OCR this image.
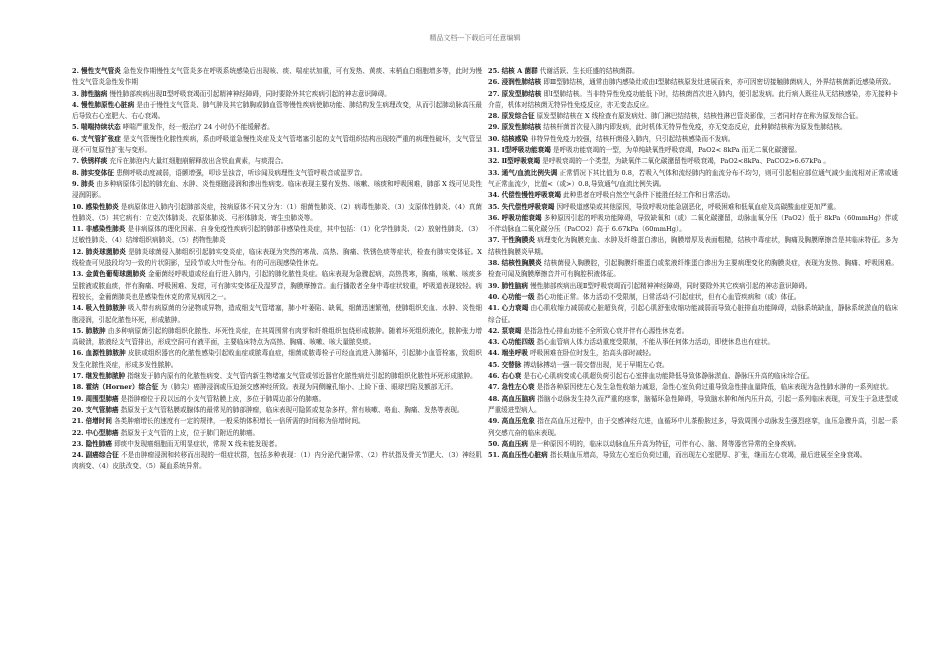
精品文档---下载后可任意编辑

2. 慢性支气管炎 急性发作期慢性支气管炎多在呼吸系统感染后出现咳、痰、喘症状加重，可有发热、黄痰、末梢血白细胞增多等，此时为慢性支气管炎急性发作期

3. 肺性脑病 慢性肺部疾病出现Ⅱ型呼吸衰竭而引起精神神经障碍，同时要除外其它疾病引起的神志意识障碍。

4. 慢性肺原性心脏病 是由于慢性支气管炎、肺气肿及其它肺胸或肺血管等慢性疾病使肺功能、肺结构发生病理改变，从而引起肺动脉高压最后导致右心室肥大、右心衰竭。

5. 喘喘持续状态 哮喘严重发作，经一般治疗 24 小时仍不能缓解者。

6. 支气管扩张症 是支气管慢性化脓性疾病，系由呼吸道急慢性炎症及支气管堵塞引起的支气管组织结构出现较严重的病理性破坏，支气管呈现不可复原性扩张与变形。

7. 铁锈样痰 充斥在肺泡内大量红细胞崩解释放出含铁血黄素，与痰混合。

8. 肺实变体征 患侧呼吸动度减弱，语颤增强，叩诊呈浊音，听诊闻及病理性支气管呼吸音或湿罗音。

9. 肺炎 由多种病原体引起的肺充血、水肿、炎性细胞浸润和渗出性病变。临床表现主要有发热、咳嗽、咳痰和呼吸困难，肺部 X 线可见炎性浸润阴影。

10. 感染性肺炎 是病原体进入肺内引起肺部炎症，按病原体不同又分为：（1）细菌性肺炎、（2）病毒性肺炎、（3）支原体性肺炎、（4）真菌性肺炎、（5）其它病有：立克次体肺炎、衣原体肺炎、弓形体肺炎、寄生虫肺炎等。

11. 非感染性肺炎 是非病原体的理化因素、自身免疫性疾病引起的肺部非感染性炎症，其中包括：（1）化学性肺炎、（2）放射性肺炎、（3）过敏性肺炎、（4）结缔组织病肺炎、（5）药物性肺炎

12. 肺炎球菌肺炎 是肺炎球菌侵入肺组织引起肺实变炎症，临床表现为突然的寒战、高热、胸痛、铁锈色痰等症状，检查有肺实变体征。X 线检查可见肢段均匀一致的片状阴影，呈段节或大叶性分布。有的可出现感染性休克。

13. 金黄色葡萄球菌肺炎 金葡菌经呼吸道或经血行进入肺内，引起的肺化脓性炎症。临床表现为急骤起病，高热畏寒，胸痛，咳嗽、咳痰多呈脓液或脓血痰，伴有胸痛、呼吸困难、发绀，可有肺实变体征及湿罗音，胸膜摩擦音。血行播散者全身中毒症状较重，呼吸道表现较轻。病程较长，金葡菌肺炎也是感染性休克的常见病因之一。

14. 吸入性肺脓肿 吸入带有病原菌的分泌物或异物，造成细支气管堵塞，肺小叶萎陷、缺氧，细菌迅速繁殖，使肺组织充血、水肿、炎性细胞浸润，引起化脓性坏死，形成脓肿。

15. 肺脓肿 由多种病原菌引起的肺组织化脓性、坏死性炎症，在其周围常有肉芽和纤维组织包绕形成脓肿。随着坏死组织液化，脓肿张力增高破溃，脓液经支气管排出，形成空洞可有液平面，主要临床特点为高热、胸痛、咳嗽、咳大量脓臭痰。

16. 血源性肺脓肿 皮肤或组织器官的化脓性感染引起败血症或脓毒血症，细菌或脓毒栓子可经血流进入肺循环，引起肺小血管栓塞，致组织发生化脓性炎症，形成多发性脓肿。

17. 继发性肺脓肿 指继发于肺内原有的化脓性病变、支气管内新生物堵塞支气管或邻近器官化脓性病灶引起的肺组织化脓性坏死形成脓肿。

18. 霍纳（Horner）综合征 为（肺尖）癌肿浸润或压迫颈交感神经所致。表现为同侧瞳孔缩小、上睑下垂、眼球凹陷及额部无汗。

19. 周围型肺癌 是指肿瘤位于段以远的小支气管粘膜上皮，多位于肺周边部分的肺癌。

20. 支气管肺癌 指原发于支气管粘膜或腺体的最常见的肺部肿瘤，临床表现可隐匿或复杂多样，常有咳嗽、咯血、胸痛、发热等表现。

21. 倍增时间 各类肿瘤增长的速度有一定的规律，一般采纳体积增长一倍所需的时间称为倍增时间。

22. 中心型肺癌 指原发于支气管的上皮，位于肺门附近的肺癌。

23. 隐性肺癌 即痰中发现癌细胞而无明显症状，常规 X 线未能发现者。

24. 副癌综合征 不是由肿瘤浸润和转移而出现的一组症状群，包括多种表现：（1）内分泌代谢异常、（2）杵状指及骨关节肥大、（3）神经肌肉病变、（4）皮肤改变、（5）凝血系统异常。

25. 结核 A 菌群 代谢活跃、生长旺盛的结核菌群。

26. 浸润性肺结核 即Ⅲ型肺结核，通常由肺内感染灶或由Ⅰ型肺结核原发灶进展而来，亦可因密切接触肺菌病人，外界结核菌新近感染所致。

27. 原发型肺结核 即Ⅰ型肺结核。当非特异性免疫功能低下时，结核菌首次进入肺内，便引起发病。此行病人既往从无结核感染，亦无接种卡介苗，机体对结核菌无特异性免疫反应，亦无变态反应。

28. 原发综合征 原发型肺结核在 X 线检查有原发病灶、肺门淋巴结结核，结核性淋巴管炎影像，三者同时存在称为原发综合征。

29. 原发性肺结核 结核杆菌首次侵入肺内即发病，此时机体无特异性免疫，亦无变态反应，此种肺结核称为原发性肺结核。

30. 结核感染 非特异性免疫力较强，结核杆菌侵入肺内，只引起结核感染而不发病。

31. Ⅰ型呼吸功能衰竭 是呼吸功能衰竭的一型，为单纯缺氧性呼吸衰竭，PaO2< 8kPa 而无二氧化碳潴留。

32. Ⅱ型呼吸衰竭 是呼吸衰竭的一个类型，为缺氧伴二氧化碳潴留性呼吸衰竭，PaO2<8kPa、PaCO2>6.67kPa 。

33. 通气/血流比例失调 正常情况下其比值为 0.8，若吸入气体和流经肺内的血流分布不均匀，则可引起相应部位通气减少血流相对正常或通气正常血流少，比值<（或>）0.8,导致通气/血流比例失调。

34. 代偿性慢性呼吸衰竭 此种患者在呼吸自然空气条件下能胜任轻工作和日常活动。

35. 失代偿性呼吸衰竭 因呼吸道感染或其他原因，导致呼吸功能急剧恶化，呼吸困难和低氧血症及高碳酸血症更加严重。

36. 呼吸功能衰竭 多种原因引起的呼吸功能障碍，导致缺氧和（或）二氧化碳潴留，动脉血氧分压（PaO2）低于 8kPa（60mmHg）伴或不伴动脉血二氧化碳分压（PaCO2）高于 6.67kPa（60mmHg）。

37. 干性胸膜炎 病理变化为胸膜充血、水肿及纤维蛋白渗出，胸膜增厚及表面粗糙，结核中毒症状，胸痛及胸膜摩擦音是其临床特征。多为结核性胸膜炎早期。

38. 结核性胸膜炎 结核菌侵入胸膜腔，引起胸膜纤维蛋白或浆液纤维蛋白渗出为主要病理变化的胸膜炎症，表现为发热、胸痛、呼吸困难。检查可闻及胸膜摩擦音并可有胸腔积液体征。

39. 肺性脑病 慢性肺部疾病出现Ⅱ型呼吸衰竭而引起精神神经障碍，同时要除外其它疾病引起的神志意识障碍。

40. 心功能一级 指心功能正常。体力活动不受限制，日常活动不引起症状，但有心血管疾病和（或）体征。

41. 心力衰竭 由心肌收缩力减弱或心脏超负荷，引起心肌舒张收缩功能减弱而导致心脏排血功能障碍，动脉系统缺血，静脉系统淤血的临床综合征。

42. 泵衰竭 是指急性心排血功能不全所致心衰并伴有心源性休克者。

43. 心功能四级 指心血管病人体力活动重度受限制，不能从事任何体力活动，即使休息也有症状。

44. 端坐呼吸 呼吸困难在卧位时发生，抬高头部时减轻。

45. 交替脉 搏动脉搏动一强一弱交替出现，见于早期左心衰。

46. 右心衰 是右心心肌病变或心肌超负荷引起右心室排血功能降低导致体静脉淤血、静脉压升高的临床综合征。

47. 急性左心衰 是指各种原因使左心发生急性收缩力减退，急性心室负荷过重导致急性排血量降低，临床表现为急性肺水肿的一系列症状。

48. 高血压脑病 指脑小动脉发生持久而严重的痉挛，脑循环急性障碍，导致脑水肿和颅内压升高，引起一系列临床表现，可发生于急进型或严重缓进型病人。

49. 高血压危象 指在高血压过程中，由于交感神经亢进，血循环中儿茶酚胺过多，导致周围小动脉发生强烈痉挛，血压急骤升高，引起一系列交感亢奋的临床表现。

50. 高血压病 是一种原因不明的，临床以动脉血压升高为特征，可伴有心、脑、肾等器官异常的全身疾病。

51. 高血压性心脏病 指长期血压增高，导致左心室后负荷过重，而出现左心室肥厚、扩张，继而左心衰竭，最后进展至全身衰竭。
